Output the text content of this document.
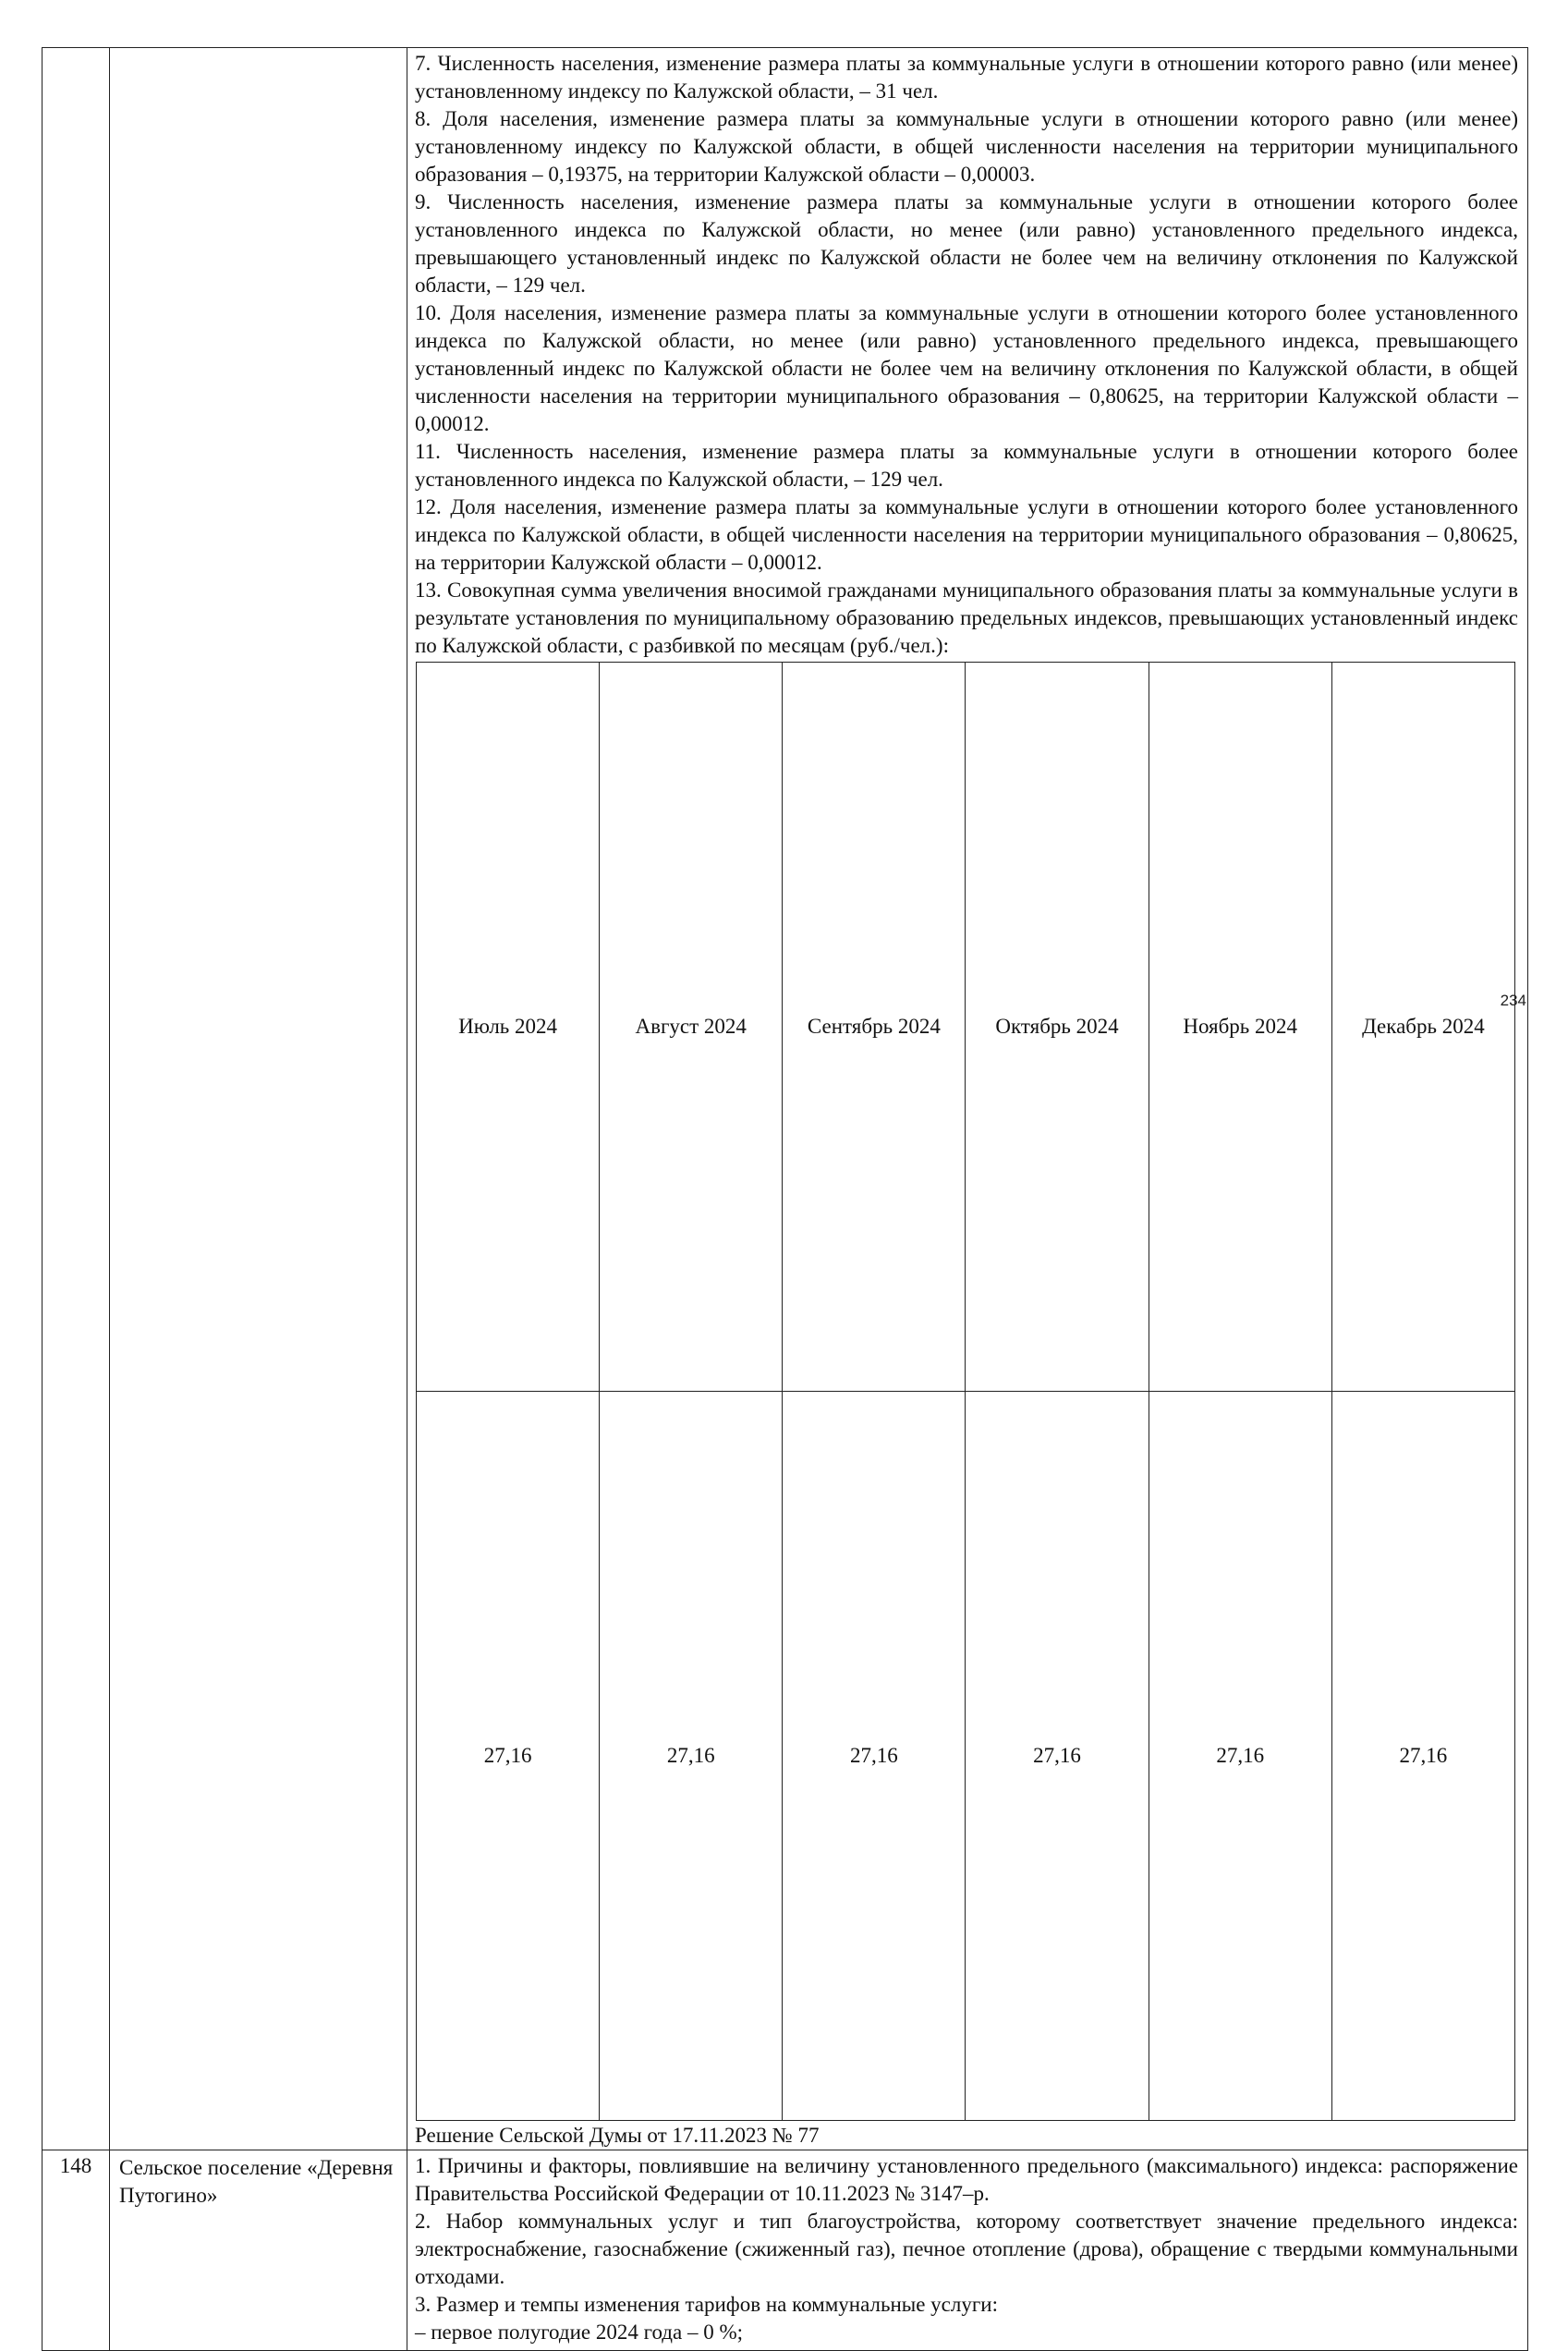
7. Численность населения, изменение размера платы за коммунальные услуги в отношении которого равно (или менее) установленному индексу по Калужской области, – 31 чел.

8. Доля населения, изменение размера платы за коммунальные услуги в отношении которого равно (или менее) установленному индексу по Калужской области, в общей численности населения на территории муниципального образования – 0,19375, на территории Калужской области – 0,00003.

9. Численность населения, изменение размера платы за коммунальные услуги в отношении которого более установленного индекса по Калужской области, но менее (или равно) установленного предельного индекса, превышающего установленный индекс по Калужской области не более чем на величину отклонения по Калужской области, – 129 чел.

10. Доля населения, изменение размера платы за коммунальные услуги в отношении которого более установленного индекса по Калужской области, но менее (или равно) установленного предельного индекса, превышающего установленный индекс по Калужской области не более чем на величину отклонения по Калужской области, в общей численности населения на территории муниципального образования – 0,80625, на территории Калужской области – 0,00012.

11. Численность населения, изменение размера платы за коммунальные услуги в отношении которого более установленного индекса по Калужской области, – 129 чел.

12. Доля населения, изменение размера платы за коммунальные услуги в отношении которого более установленного индекса по Калужской области, в общей численности населения на территории муниципального образования – 0,80625, на территории Калужской области – 0,00012.

13. Совокупная сумма увеличения вносимой гражданами муниципального образования платы за коммунальные услуги в результате установления по муниципальному образованию предельных индексов, превышающих установленный индекс по Калужской области, с разбивкой по месяцам (руб./чел.):

Июль 2024	Август 2024	Сентябрь 2024	Октябрь 2024	Ноябрь 2024	Декабрь 2024
27,16	27,16	27,16	27,16	27,16	27,16

Решение Сельской Думы от 17.11.2023 № 77

148	Сельское поселение «Деревня Путогино»	

1. Причины и факторы, повлиявшие на величину установленного предельного (максимального) индекса: распоряжение Правительства Российской Федерации от 10.11.2023 № 3147–р.

2. Набор коммунальных услуг и тип благоустройства, которому соответствует значение предельного индекса: электроснабжение, газоснабжение (сжиженный газ), печное отопление (дрова), обращение с твердыми коммунальными отходами.

3. Размер и темпы изменения тарифов на коммунальные услуги:

– первое полугодие 2024 года – 0 %;

234
